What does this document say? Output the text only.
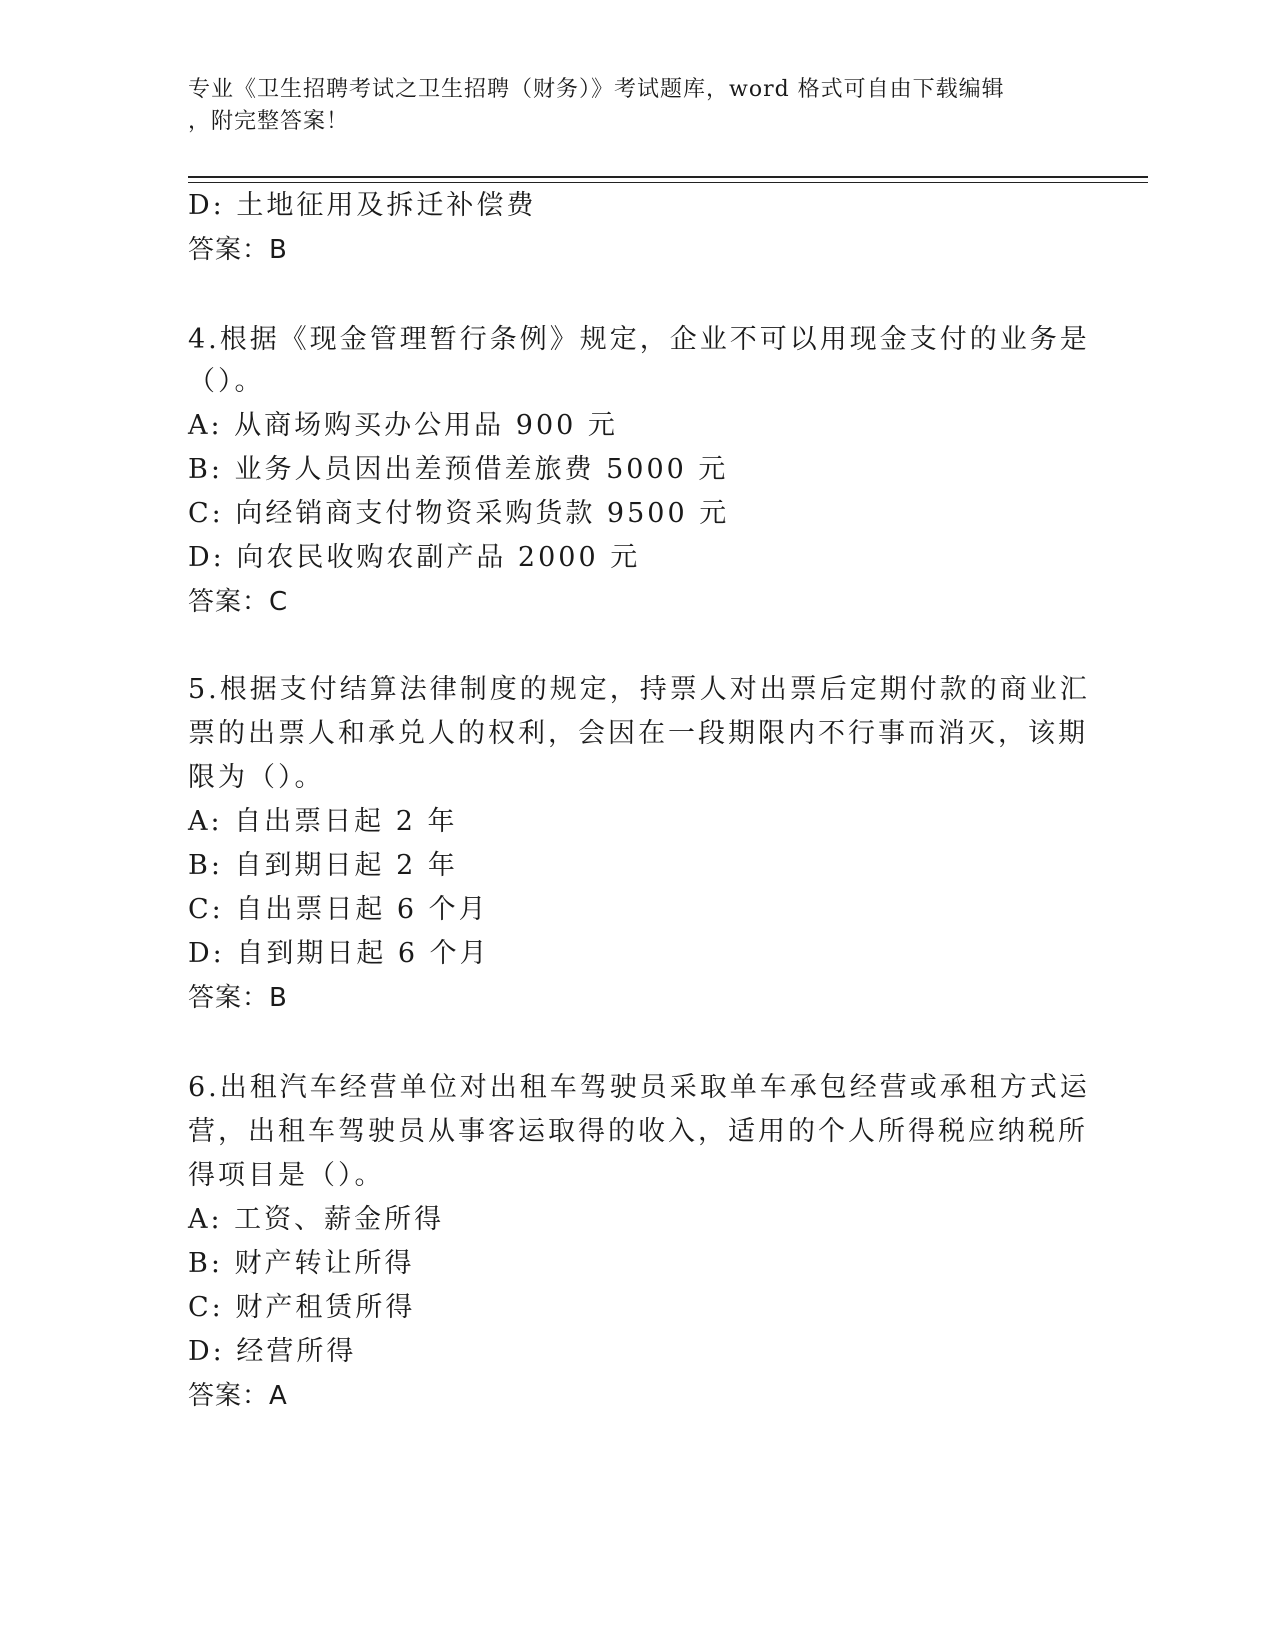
专业《卫生招聘考试之卫生招聘（财务）》考试题库，word 格式可自由下载编辑
，附完整答案！
D: 土地征用及拆迁补偿费
答案：B
4.根据《现金管理暂行条例》规定，企业不可以用现金支付的业务是
（）。
A: 从商场购买办公用品 900 元
B: 业务人员因出差预借差旅费 5000 元
C: 向经销商支付物资采购货款 9500 元
D: 向农民收购农副产品 2000 元
答案：C
5.根据支付结算法律制度的规定，持票人对出票后定期付款的商业汇
票的出票人和承兑人的权利，会因在一段期限内不行事而消灭，该期
限为（）。
A: 自出票日起 2 年
B: 自到期日起 2 年
C: 自出票日起 6 个月
D: 自到期日起 6 个月
答案：B
6.出租汽车经营单位对出租车驾驶员采取单车承包经营或承租方式运
营，出租车驾驶员从事客运取得的收入，适用的个人所得税应纳税所
得项目是（）。
A: 工资、薪金所得
B: 财产转让所得
C: 财产租赁所得
D: 经营所得
答案：A
